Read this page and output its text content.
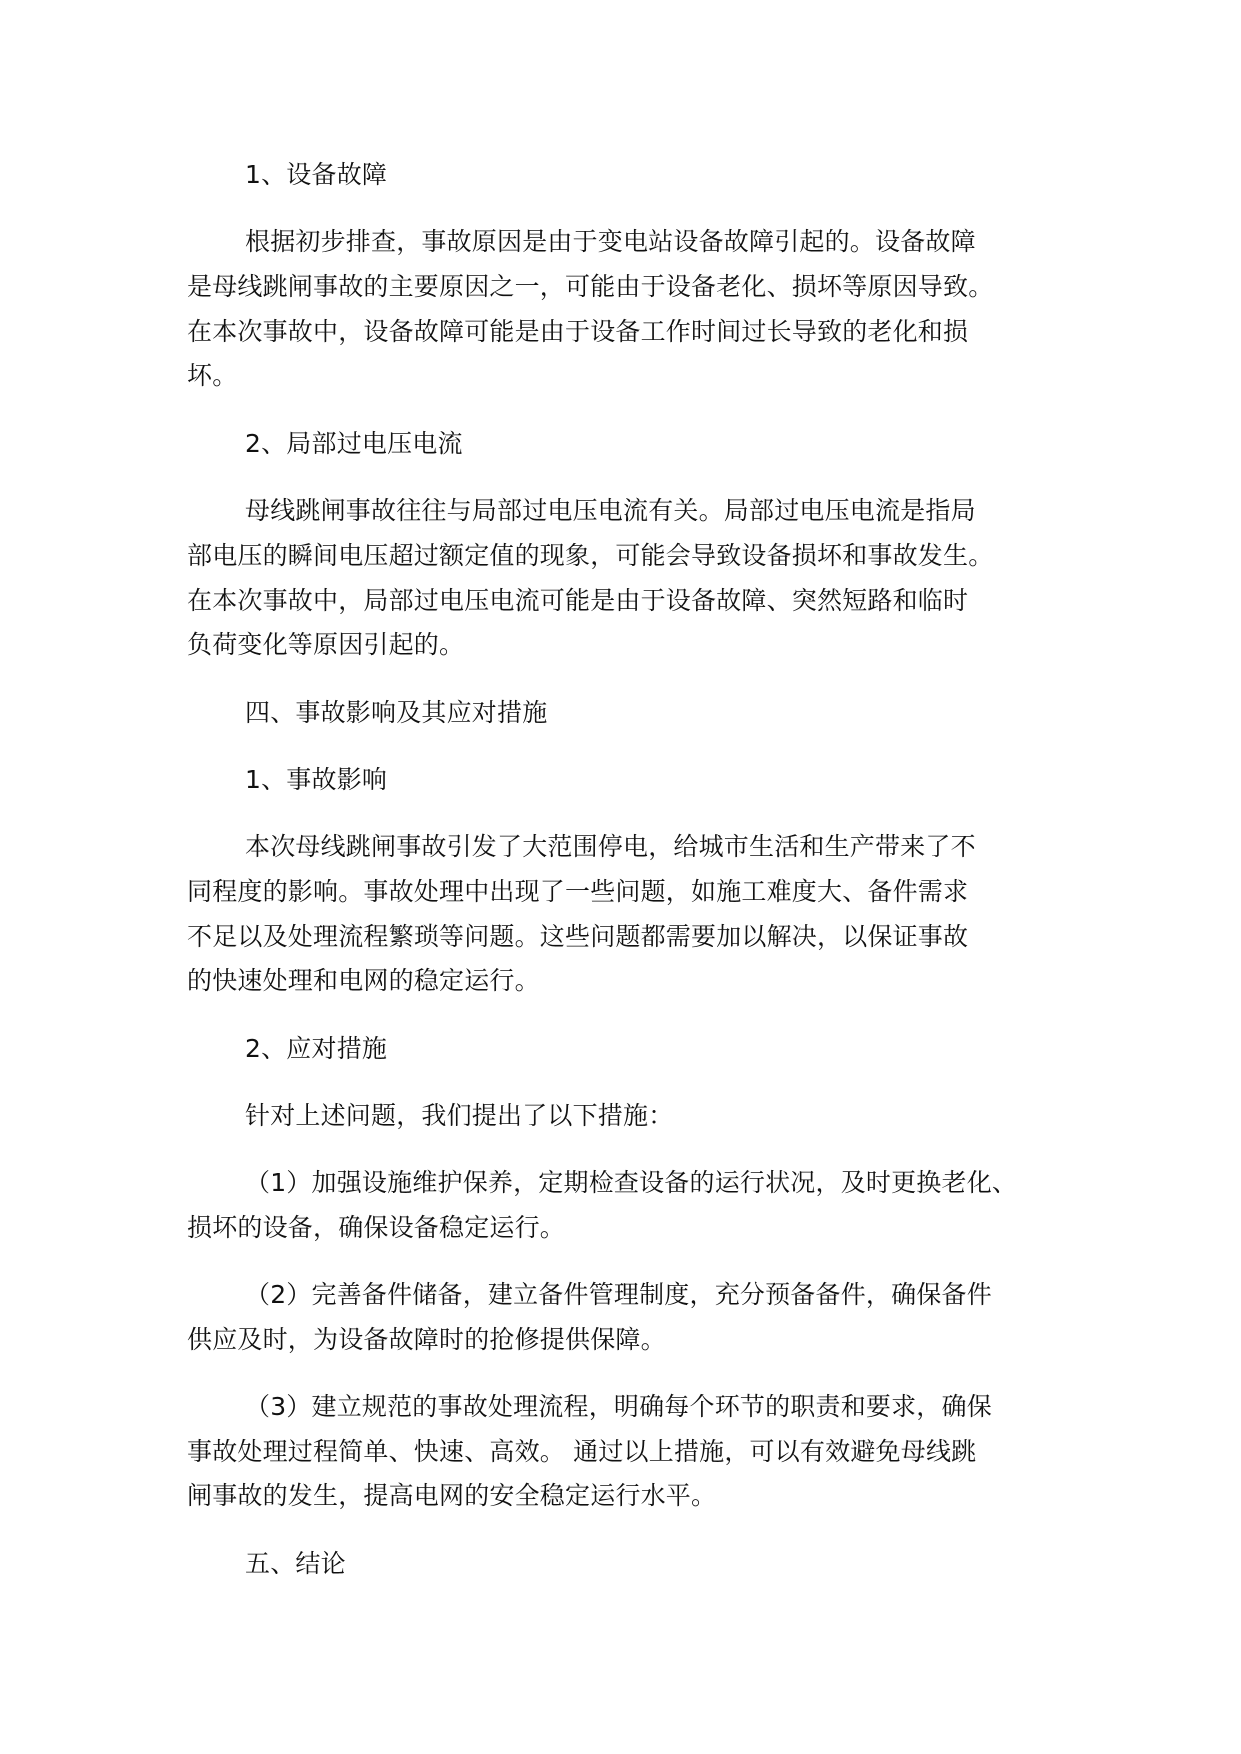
1、设备故障
根据初步排查，事故原因是由于变电站设备故障引起的。设备故障
是母线跳闸事故的主要原因之一，可能由于设备老化、损坏等原因导致。
在本次事故中，设备故障可能是由于设备工作时间过长导致的老化和损
坏。
2、局部过电压电流
母线跳闸事故往往与局部过电压电流有关。局部过电压电流是指局
部电压的瞬间电压超过额定值的现象，可能会导致设备损坏和事故发生。
在本次事故中，局部过电压电流可能是由于设备故障、突然短路和临时
负荷变化等原因引起的。
四、事故影响及其应对措施
1、事故影响
本次母线跳闸事故引发了大范围停电，给城市生活和生产带来了不
同程度的影响。事故处理中出现了一些问题，如施工难度大、备件需求
不足以及处理流程繁琐等问题。这些问题都需要加以解决，以保证事故
的快速处理和电网的稳定运行。
2、应对措施
针对上述问题，我们提出了以下措施：
（1）加强设施维护保养，定期检查设备的运行状况，及时更换老化、
损坏的设备，确保设备稳定运行。
（2）完善备件储备，建立备件管理制度，充分预备备件，确保备件
供应及时，为设备故障时的抢修提供保障。
（3）建立规范的事故处理流程，明确每个环节的职责和要求，确保
事故处理过程简单、快速、高效。 通过以上措施，可以有效避免母线跳
闸事故的发生，提高电网的安全稳定运行水平。
五、结论
